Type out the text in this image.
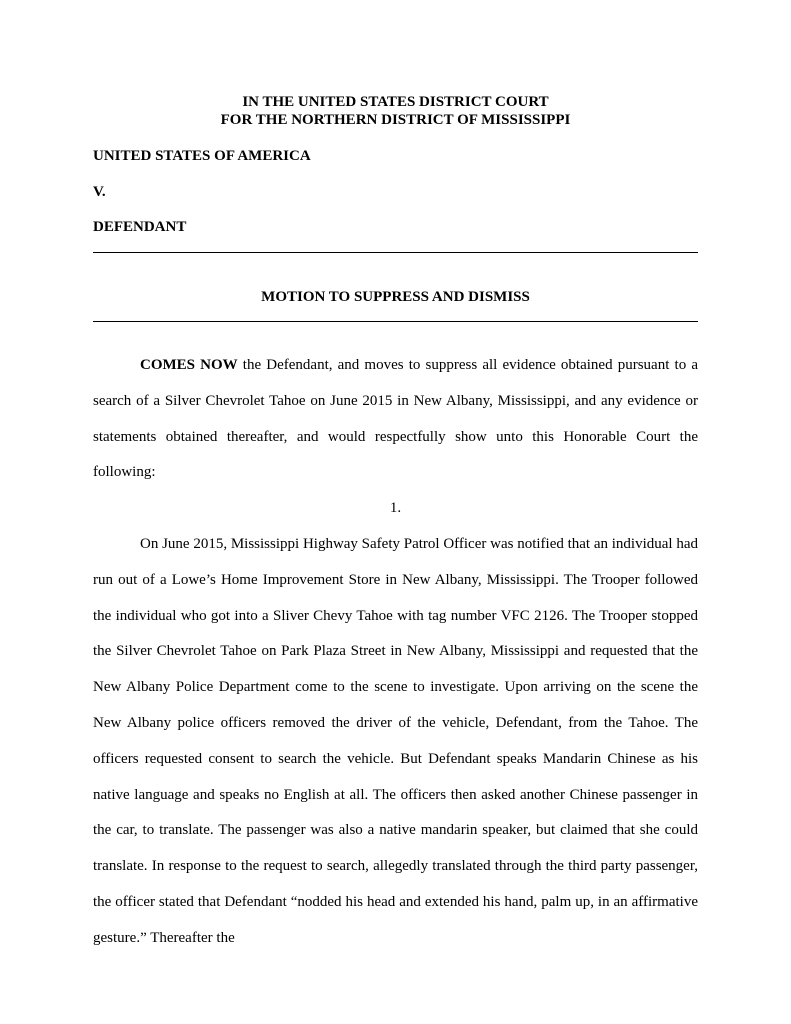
IN THE UNITED STATES DISTRICT COURT
FOR THE NORTHERN DISTRICT OF MISSISSIPPI
UNITED STATES OF AMERICA
V.
DEFENDANT
MOTION TO SUPPRESS AND DISMISS

COMES NOW the Defendant, and moves to suppress all evidence obtained pursuant to a search of a Silver Chevrolet Tahoe on June 2015 in New Albany, Mississippi, and any evidence or statements obtained thereafter, and would respectfully show unto this Honorable Court the following:

1.

On June 2015, Mississippi Highway Safety Patrol Officer was notified that an individual had run out of a Lowe’s Home Improvement Store in New Albany, Mississippi. The Trooper followed the individual who got into a Sliver Chevy Tahoe with tag number VFC 2126. The Trooper stopped the Silver Chevrolet Tahoe on Park Plaza Street in New Albany, Mississippi and requested that the New Albany Police Department come to the scene to investigate. Upon arriving on the scene the New Albany police officers removed the driver of the vehicle, Defendant, from the Tahoe. The officers requested consent to search the vehicle. But Defendant speaks Mandarin Chinese as his native language and speaks no English at all. The officers then asked another Chinese passenger in the car, to translate. The passenger was also a native mandarin speaker, but claimed that she could translate. In response to the request to search, allegedly translated through the third party passenger, the officer stated that Defendant “nodded his head and extended his hand, palm up, in an affirmative gesture.” Thereafter the
